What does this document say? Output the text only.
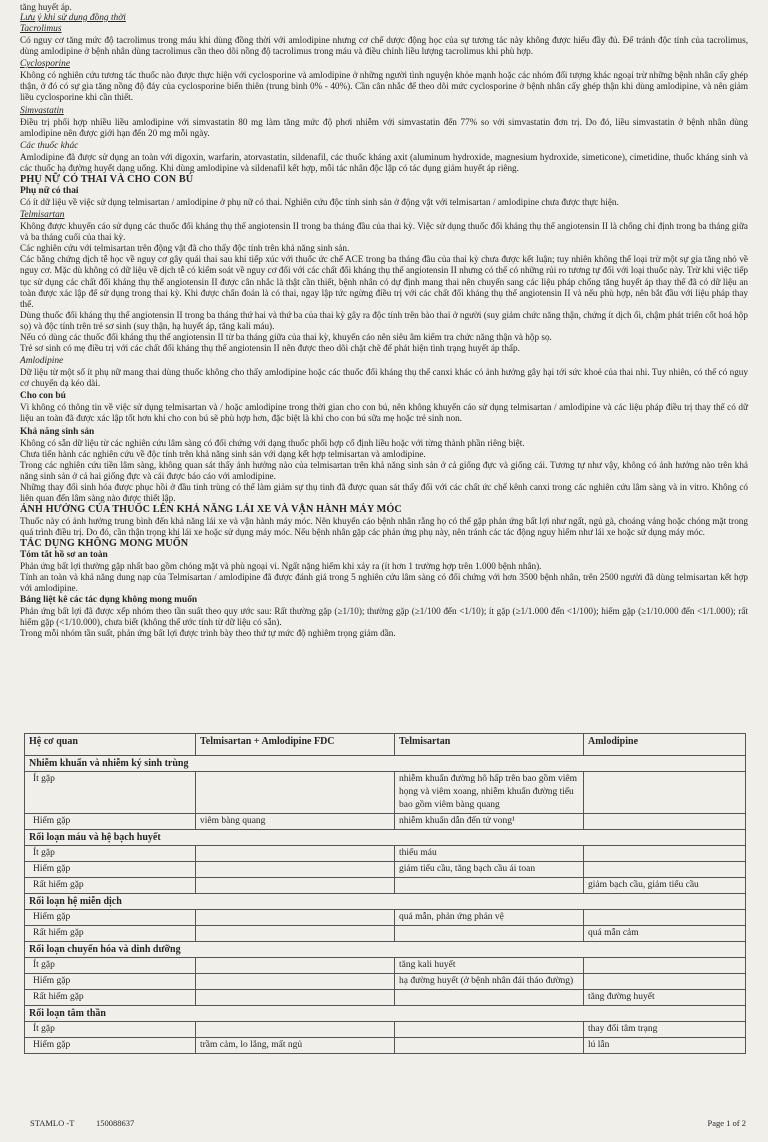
tăng huyết áp.

Lưu ý khi sử dụng đồng thời

Tacrolimus

Có nguy cơ tăng mức độ tacrolimus trong máu khi dùng đồng thời với amlodipine nhưng cơ chế dược động học của sự tương tác này không được hiểu đầy đủ. Để tránh độc tính của tacrolimus, dùng amlodipine ở bệnh nhân dùng tacrolimus cần theo dõi nồng độ tacrolimus trong máu và điều chỉnh liều lượng tacrolimus khi phù hợp.

Cyclosporine

Không có nghiên cứu tương tác thuốc nào được thực hiện với cyclosporine và amlodipine ở những người tình nguyện khỏe mạnh hoặc các nhóm đối tượng khác ngoại trừ những bệnh nhân cấy ghép thận, ở đó có sự gia tăng nồng độ đáy của cyclosporine biến thiên (trung bình 0% - 40%). Cần cân nhắc để theo dõi mức cyclosporine ở bệnh nhân cấy ghép thận khi dùng amlodipine, và nên giảm liều cyclosporine khi cần thiết.

Simvastatin

Điều trị phối hợp nhiều liều amlodipine với simvastatin 80 mg làm tăng mức độ phơi nhiễm với simvastatin đến 77% so với simvastatin đơn trị. Do đó, liều simvastatin ở bệnh nhân dùng amlodipine nên được giới hạn đến 20 mg mỗi ngày.

Các thuốc khác

Amlodipine đã được sử dụng an toàn với digoxin, warfarin, atorvastatin, sildenafil, các thuốc kháng axit (aluminum hydroxide, magnesium hydroxide, simeticone), cimetidine, thuốc kháng sinh và các thuốc hạ đường huyết dạng uống. Khi dùng amlodipine và sildenafil kết hợp, mỗi tác nhân độc lập có tác dụng giảm huyết áp riêng.

PHỤ NỮ CÓ THAI VÀ CHO CON BÚ

Phụ nữ có thai

Có ít dữ liệu về việc sử dụng telmisartan / amlodipine ở phụ nữ có thai. Nghiên cứu độc tính sinh sản ở động vật với telmisartan / amlodipine chưa được thực hiện.

Telmisartan

Không được khuyến cáo sử dụng các thuốc đối kháng thụ thể angiotensin II trong ba tháng đầu của thai kỳ. Việc sử dụng thuốc đối kháng thụ thể angiotensin II là chống chỉ định trong ba tháng giữa và ba tháng cuối của thai kỳ.

Các nghiên cứu với telmisartan trên động vật đã cho thấy độc tính trên khả năng sinh sản.

Các bằng chứng dịch tễ học về nguy cơ gây quái thai sau khi tiếp xúc với thuốc ức chế ACE trong ba tháng đầu của thai kỳ chưa được kết luận; tuy nhiên không thể loại trừ một sự gia tăng nhỏ về nguy cơ. Mặc dù không có dữ liệu về dịch tễ có kiểm soát về nguy cơ đối với các chất đối kháng thụ thể angiotensin II nhưng có thể có những rủi ro tương tự đối với loại thuốc này. Trừ khi việc tiếp tục sử dụng các chất đối kháng thụ thể angiotensin II được cân nhắc là thật cần thiết, bệnh nhân có dự định mang thai nên chuyển sang các liệu pháp chống tăng huyết áp thay thế đã có dữ liệu an toàn được xác lập để sử dụng trong thai kỳ. Khi được chẩn đoán là có thai, ngay lập tức ngừng điều trị với các chất đối kháng thụ thể angiotensin II và nếu phù hợp, nên bắt đầu với liệu pháp thay thế.

Dùng thuốc đối kháng thụ thể angiotensin II trong ba tháng thứ hai và thứ ba của thai kỳ gây ra độc tính trên bào thai ở người (suy giảm chức năng thận, chứng ít dịch ối, chậm phát triển cốt hoá hộp sọ) và độc tính trên trẻ sơ sinh (suy thận, hạ huyết áp, tăng kali máu).

Nếu có dùng các thuốc đối kháng thụ thể angiotensin II từ ba tháng giữa của thai kỳ, khuyến cáo nên siêu âm kiểm tra chức năng thận và hộp sọ.

Trẻ sơ sinh có mẹ điều trị với các chất đối kháng thụ thể angiotensin II nên được theo dõi chặt chẽ để phát hiện tình trạng huyết áp thấp.

Amlodipine

Dữ liệu từ một số ít phụ nữ mang thai dùng thuốc không cho thấy amlodipine hoặc các thuốc đối kháng thụ thể canxi khác có ảnh hưởng gây hại tới sức khoẻ của thai nhi. Tuy nhiên, có thể có nguy cơ chuyển dạ kéo dài.

Cho con bú

Vì không có thông tin về việc sử dụng telmisartan và / hoặc amlodipine trong thời gian cho con bú, nên không khuyến cáo sử dụng telmisartan / amlodipine và các liệu pháp điều trị thay thế có dữ liệu an toàn đã được xác lập tốt hơn khi cho con bú sẽ phù hợp hơn, đặc biệt là khi cho con bú sữa mẹ hoặc trẻ sinh non.

Khả năng sinh sản

Không có sẵn dữ liệu từ các nghiên cứu lâm sàng có đối chứng với dạng thuốc phối hợp cố định liều hoặc với từng thành phần riêng biệt.

Chưa tiến hành các nghiên cứu về độc tính trên khả năng sinh sản với dạng kết hợp telmisartan và amlodipine.

Trong các nghiên cứu tiền lâm sàng, không quan sát thấy ảnh hưởng nào của telmisartan trên khả năng sinh sản ở cả giống đực và giống cái. Tương tự như vậy, không có ảnh hưởng nào trên khả năng sinh sản ở cả hai giống đực và cái được báo cáo với amlodipine.

Những thay đổi sinh hóa được phục hồi ở đầu tinh trùng có thể làm giảm sự thụ tinh đã được quan sát thấy đối với các chất ức chế kênh canxi trong các nghiên cứu lâm sàng và in vitro. Không có liên quan đến lâm sàng nào được thiết lập.

ẢNH HƯỞNG CỦA THUỐC LÊN KHẢ NĂNG LÁI XE VÀ VẬN HÀNH MÁY MÓC

Thuốc này có ảnh hưởng trung bình đến khả năng lái xe và vận hành máy móc. Nên khuyến cáo bệnh nhân rằng họ có thể gặp phản ứng bất lợi như ngất, ngủ gà, choáng váng hoặc chóng mặt trong quá trình điều trị. Do đó, cần thận trọng khi lái xe hoặc sử dụng máy móc. Nếu bệnh nhân gặp các phản ứng phụ này, nên tránh các tác động nguy hiểm như lái xe hoặc sử dụng máy móc.

TÁC DỤNG KHÔNG MONG MUỐN

Tóm tắt hồ sơ an toàn

Phản ứng bất lợi thường gặp nhất bao gồm chóng mặt và phù ngoại vi. Ngất nặng hiếm khi xảy ra (ít hơn 1 trường hợp trên 1.000 bệnh nhân).

Tính an toàn và khả năng dung nạp của Telmisartan / amlodipine đã được đánh giá trong 5 nghiên cứu lâm sàng có đối chứng với hơn 3500 bệnh nhân, trên 2500 người đã dùng telmisartan kết hợp với amlodipine.

Bảng liệt kê các tác dụng không mong muốn

Phản ứng bất lợi đã được xếp nhóm theo tần suất theo quy ước sau: Rất thường gặp (≥1/10); thường gặp (≥1/100 đến <1/10); ít gặp (≥1/1.000 đến <1/100); hiếm gặp (≥1/10.000 đến <1/1.000); rất hiếm gặp (<1/10.000), chưa biết (không thể ước tính từ dữ liệu có sẵn).

Trong mỗi nhóm tần suất, phản ứng bất lợi được trình bày theo thứ tự mức độ nghiêm trọng giảm dần.

Hệ cơ quan	Telmisartan + Amlodipine FDC	Telmisartan	Amlodipine
Nhiễm khuẩn và nhiễm ký sinh trùng			
Ít gặp		nhiễm khuẩn đường hô hấp trên bao gồm viêm họng và viêm xoang, nhiễm khuẩn đường tiểu bao gồm viêm bàng quang	
Hiếm gặp	viêm bàng quang	nhiễm khuẩn dẫn đến tử vong¹	
Rối loạn máu và hệ bạch huyết			
Ít gặp		thiếu máu	
Hiếm gặp		giảm tiểu cầu, tăng bạch cầu ái toan	
Rất hiếm gặp			giảm bạch cầu, giảm tiểu cầu
Rối loạn hệ miễn dịch			
Hiếm gặp		quá mẫn, phản ứng phản vệ	
Rất hiếm gặp			quá mẫn cảm
Rối loạn chuyển hóa và dinh dưỡng			
Ít gặp		tăng kali huyết	
Hiếm gặp		hạ đường huyết (ở bệnh nhân đái tháo đường)	
Rất hiếm gặp			tăng đường huyết
Rối loạn tâm thần			
Ít gặp			thay đổi tâm trạng
Hiếm gặp	trầm cảm, lo lắng, mất ngủ		lú lẫn
STAMLO -T	150088637	Page 1 of 2
